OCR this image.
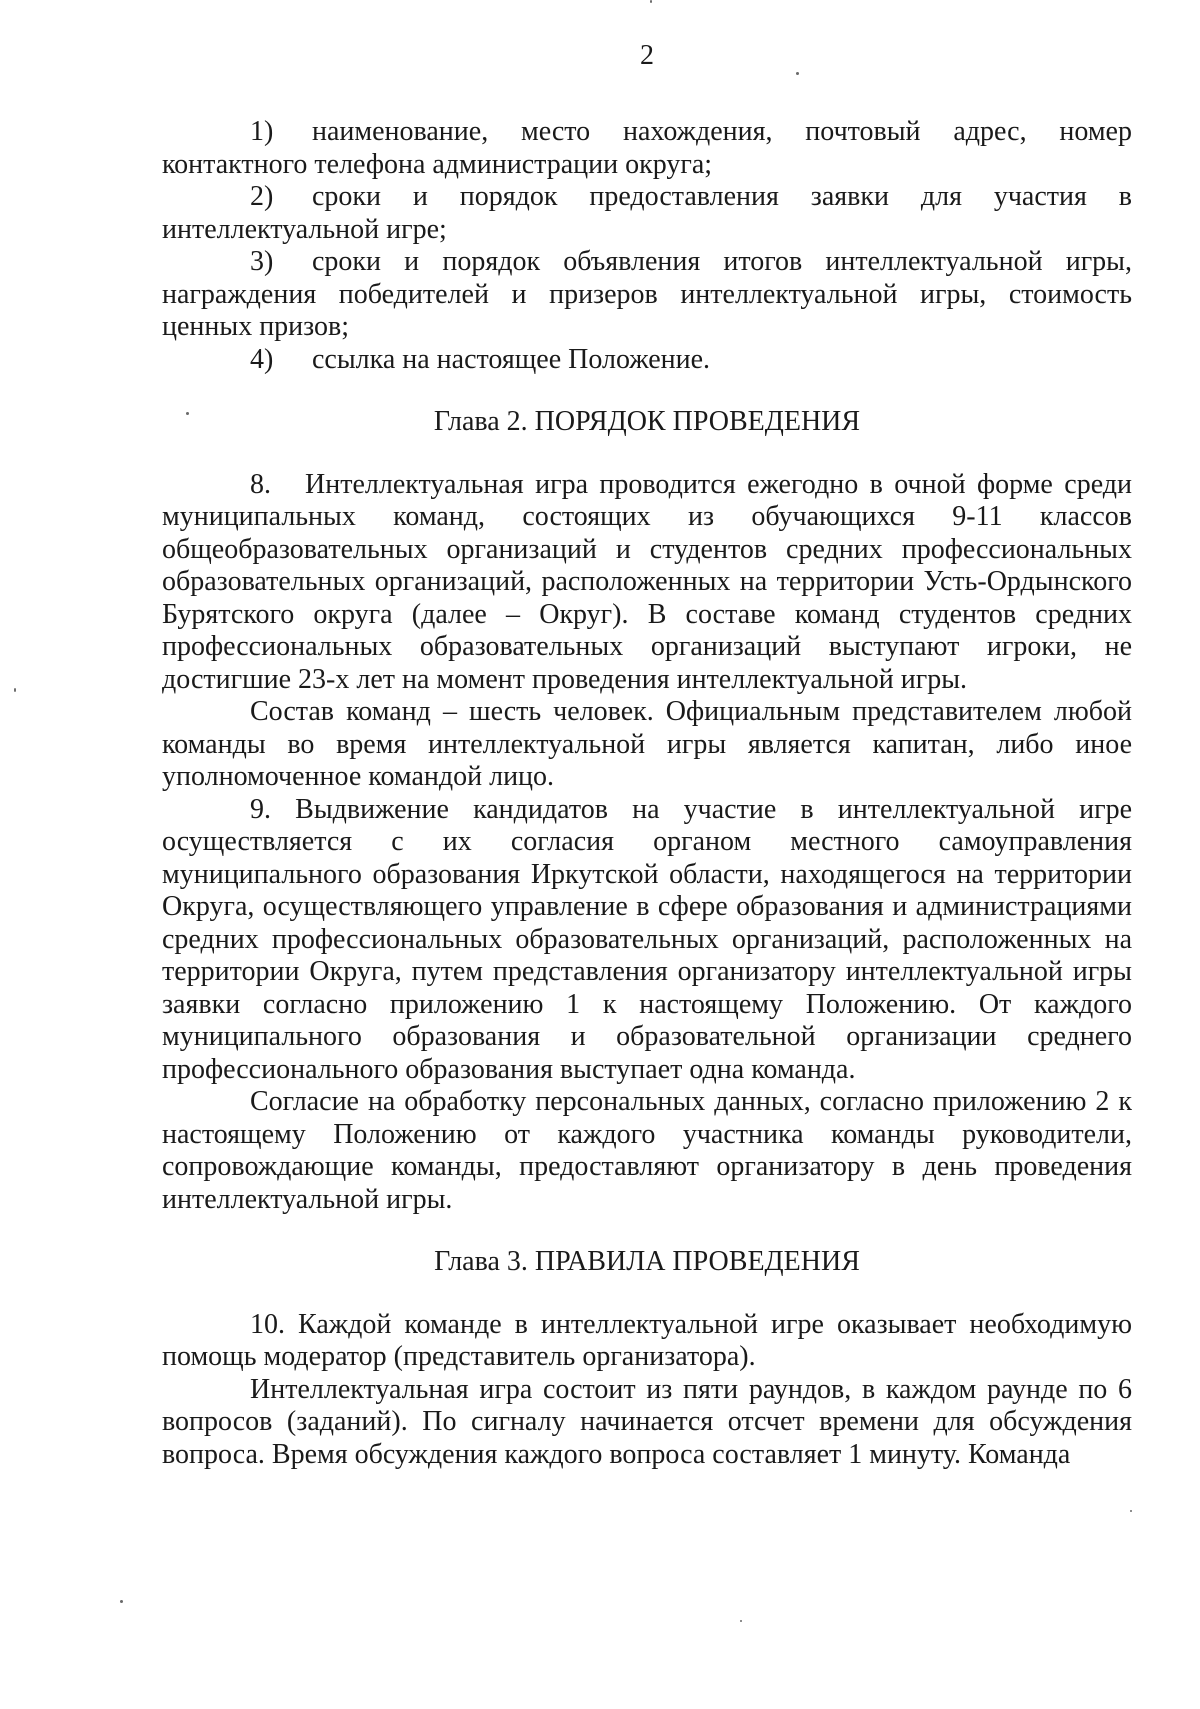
2
1) наименование, место нахождения, почтовый адрес, номер контактного телефона администрации округа;
2) сроки и порядок предоставления заявки для участия в интеллектуальной игре;
3) сроки и порядок объявления итогов интеллектуальной игры, награждения победителей и призеров интеллектуальной игры, стоимость ценных призов;
4) ссылка на настоящее Положение.
Глава 2. ПОРЯДОК ПРОВЕДЕНИЯ
8. Интеллектуальная игра проводится ежегодно в очной форме среди муниципальных команд, состоящих из обучающихся 9-11 классов общеобразовательных организаций и студентов средних профессиональных образовательных организаций, расположенных на территории Усть-Ордынского Бурятского округа (далее – Округ). В составе команд студентов средних профессиональных образовательных организаций выступают игроки, не достигшие 23-х лет на момент проведения интеллектуальной игры.
Состав команд – шесть человек. Официальным представителем любой команды во время интеллектуальной игры является капитан, либо иное уполномоченное командой лицо.
9. Выдвижение кандидатов на участие в интеллектуальной игре осуществляется с их согласия органом местного самоуправления муниципального образования Иркутской области, находящегося на территории Округа, осуществляющего управление в сфере образования и администрациями средних профессиональных образовательных организаций, расположенных на территории Округа, путем представления организатору интеллектуальной игры заявки согласно приложению 1 к настоящему Положению. От каждого муниципального образования и образовательной организации среднего профессионального образования выступает одна команда.
Согласие на обработку персональных данных, согласно приложению 2 к настоящему Положению от каждого участника команды руководители, сопровождающие команды, предоставляют организатору в день проведения интеллектуальной игры.
Глава 3. ПРАВИЛА ПРОВЕДЕНИЯ
10. Каждой команде в интеллектуальной игре оказывает необходимую помощь модератор (представитель организатора).
Интеллектуальная игра состоит из пяти раундов, в каждом раунде по 6 вопросов (заданий). По сигналу начинается отсчет времени для обсуждения вопроса. Время обсуждения каждого вопроса составляет 1 минуту. Команда
